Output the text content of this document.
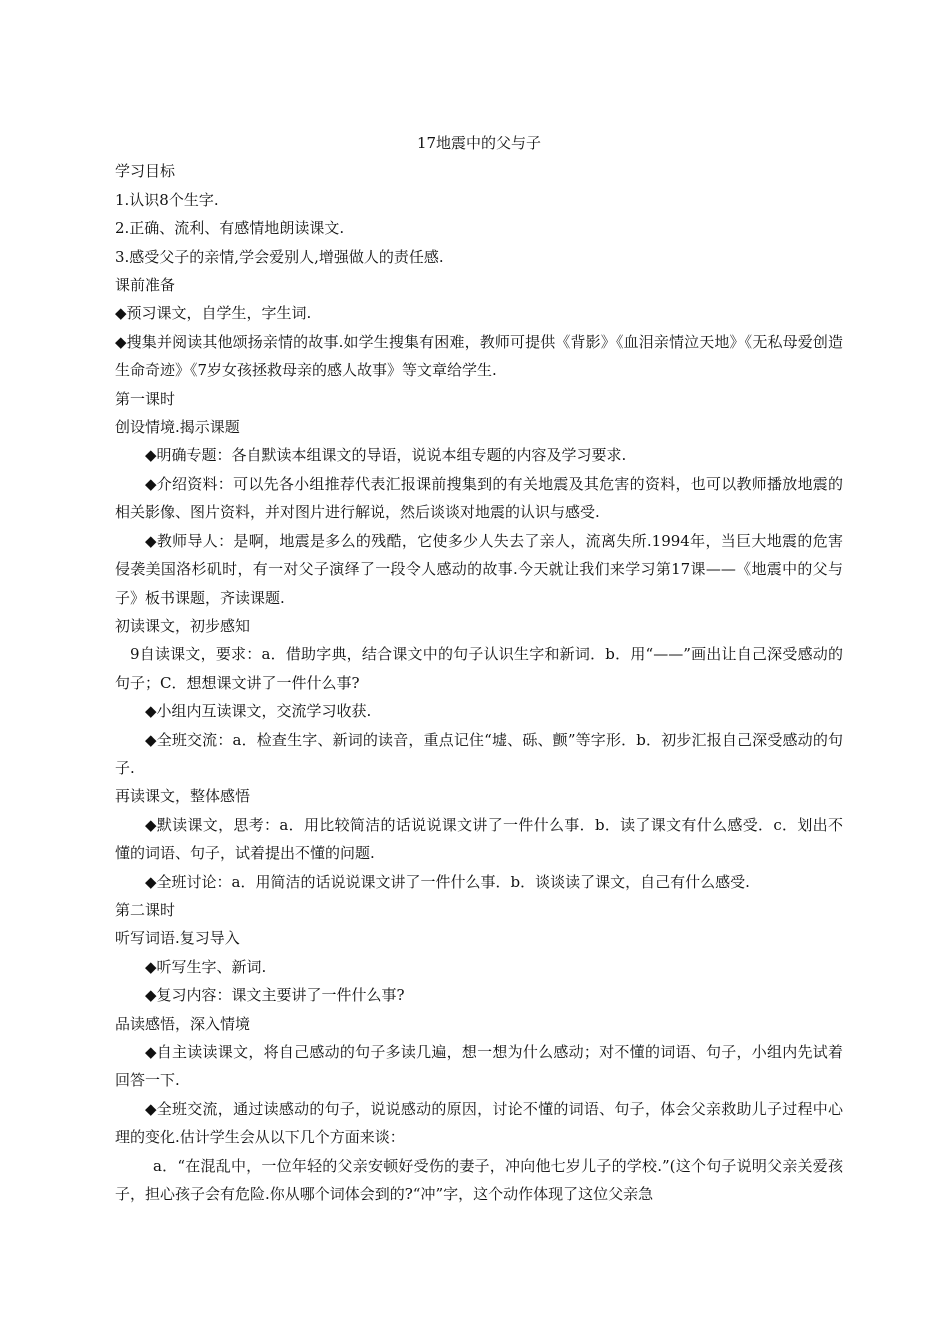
17地震中的父与子

学习目标

1.认识8个生字.

2.正确、流利、有感情地朗读课文.

3.感受父子的亲情,学会爱别人,增强做人的责任感.

课前准备

◆预习课文，自学生，字生词.

◆搜集并阅读其他颂扬亲情的故事.如学生搜集有困难，教师可提供《背影》《血泪亲情泣天地》《无私母爱创造生命奇迹》《7岁女孩拯救母亲的感人故事》等文章给学生.

第一课时

创设情境.揭示课题

◆明确专题：各自默读本组课文的导语，说说本组专题的内容及学习要求.

◆介绍资料：可以先各小组推荐代表汇报课前搜集到的有关地震及其危害的资料，也可以教师播放地震的相关影像、图片资料，并对图片进行解说，然后谈谈对地震的认识与感受.

◆教师导人：是啊，地震是多么的残酷，它使多少人失去了亲人，流离失所.1994年，当巨大地震的危害侵袭美国洛杉矶时，有一对父子演绎了一段令人感动的故事.今天就让我们来学习第17课——《地震中的父与子》板书课题，齐读课题.

初读课文，初步感知

9自读课文，要求：a．借助字典，结合课文中的句子认识生字和新词．b．用“——”画出让自己深受感动的句子；C．想想课文讲了一件什么事?

◆小组内互读课文，交流学习收获.

◆全班交流：a．检查生字、新词的读音，重点记住“墟、砾、颤”等字形．b．初步汇报自己深受感动的句子.

再读课文，整体感悟

◆默读课文，思考：a．用比较简洁的话说说课文讲了一件什么事．b．读了课文有什么感受．c．划出不懂的词语、句子，试着提出不懂的问题.

◆全班讨论：a．用简洁的话说说课文讲了一件什么事．b．谈谈读了课文，自己有什么感受.

第二课时

听写词语.复习导入

◆听写生字、新词.

◆复习内容：课文主要讲了一件什么事?

品读感悟，深入情境

◆自主读读课文，将自己感动的句子多读几遍，想一想为什么感动；对不懂的词语、句子，小组内先试着回答一下.

◆全班交流，通过读感动的句子，说说感动的原因，讨论不懂的词语、句子，体会父亲救助儿子过程中心理的变化.估计学生会从以下几个方面来谈：

a．“在混乱中，一位年轻的父亲安顿好受伤的妻子，冲向他七岁儿子的学校.”(这个句子说明父亲关爱孩子，担心孩子会有危险.你从哪个词体会到的?“冲”字，这个动作体现了这位父亲急
